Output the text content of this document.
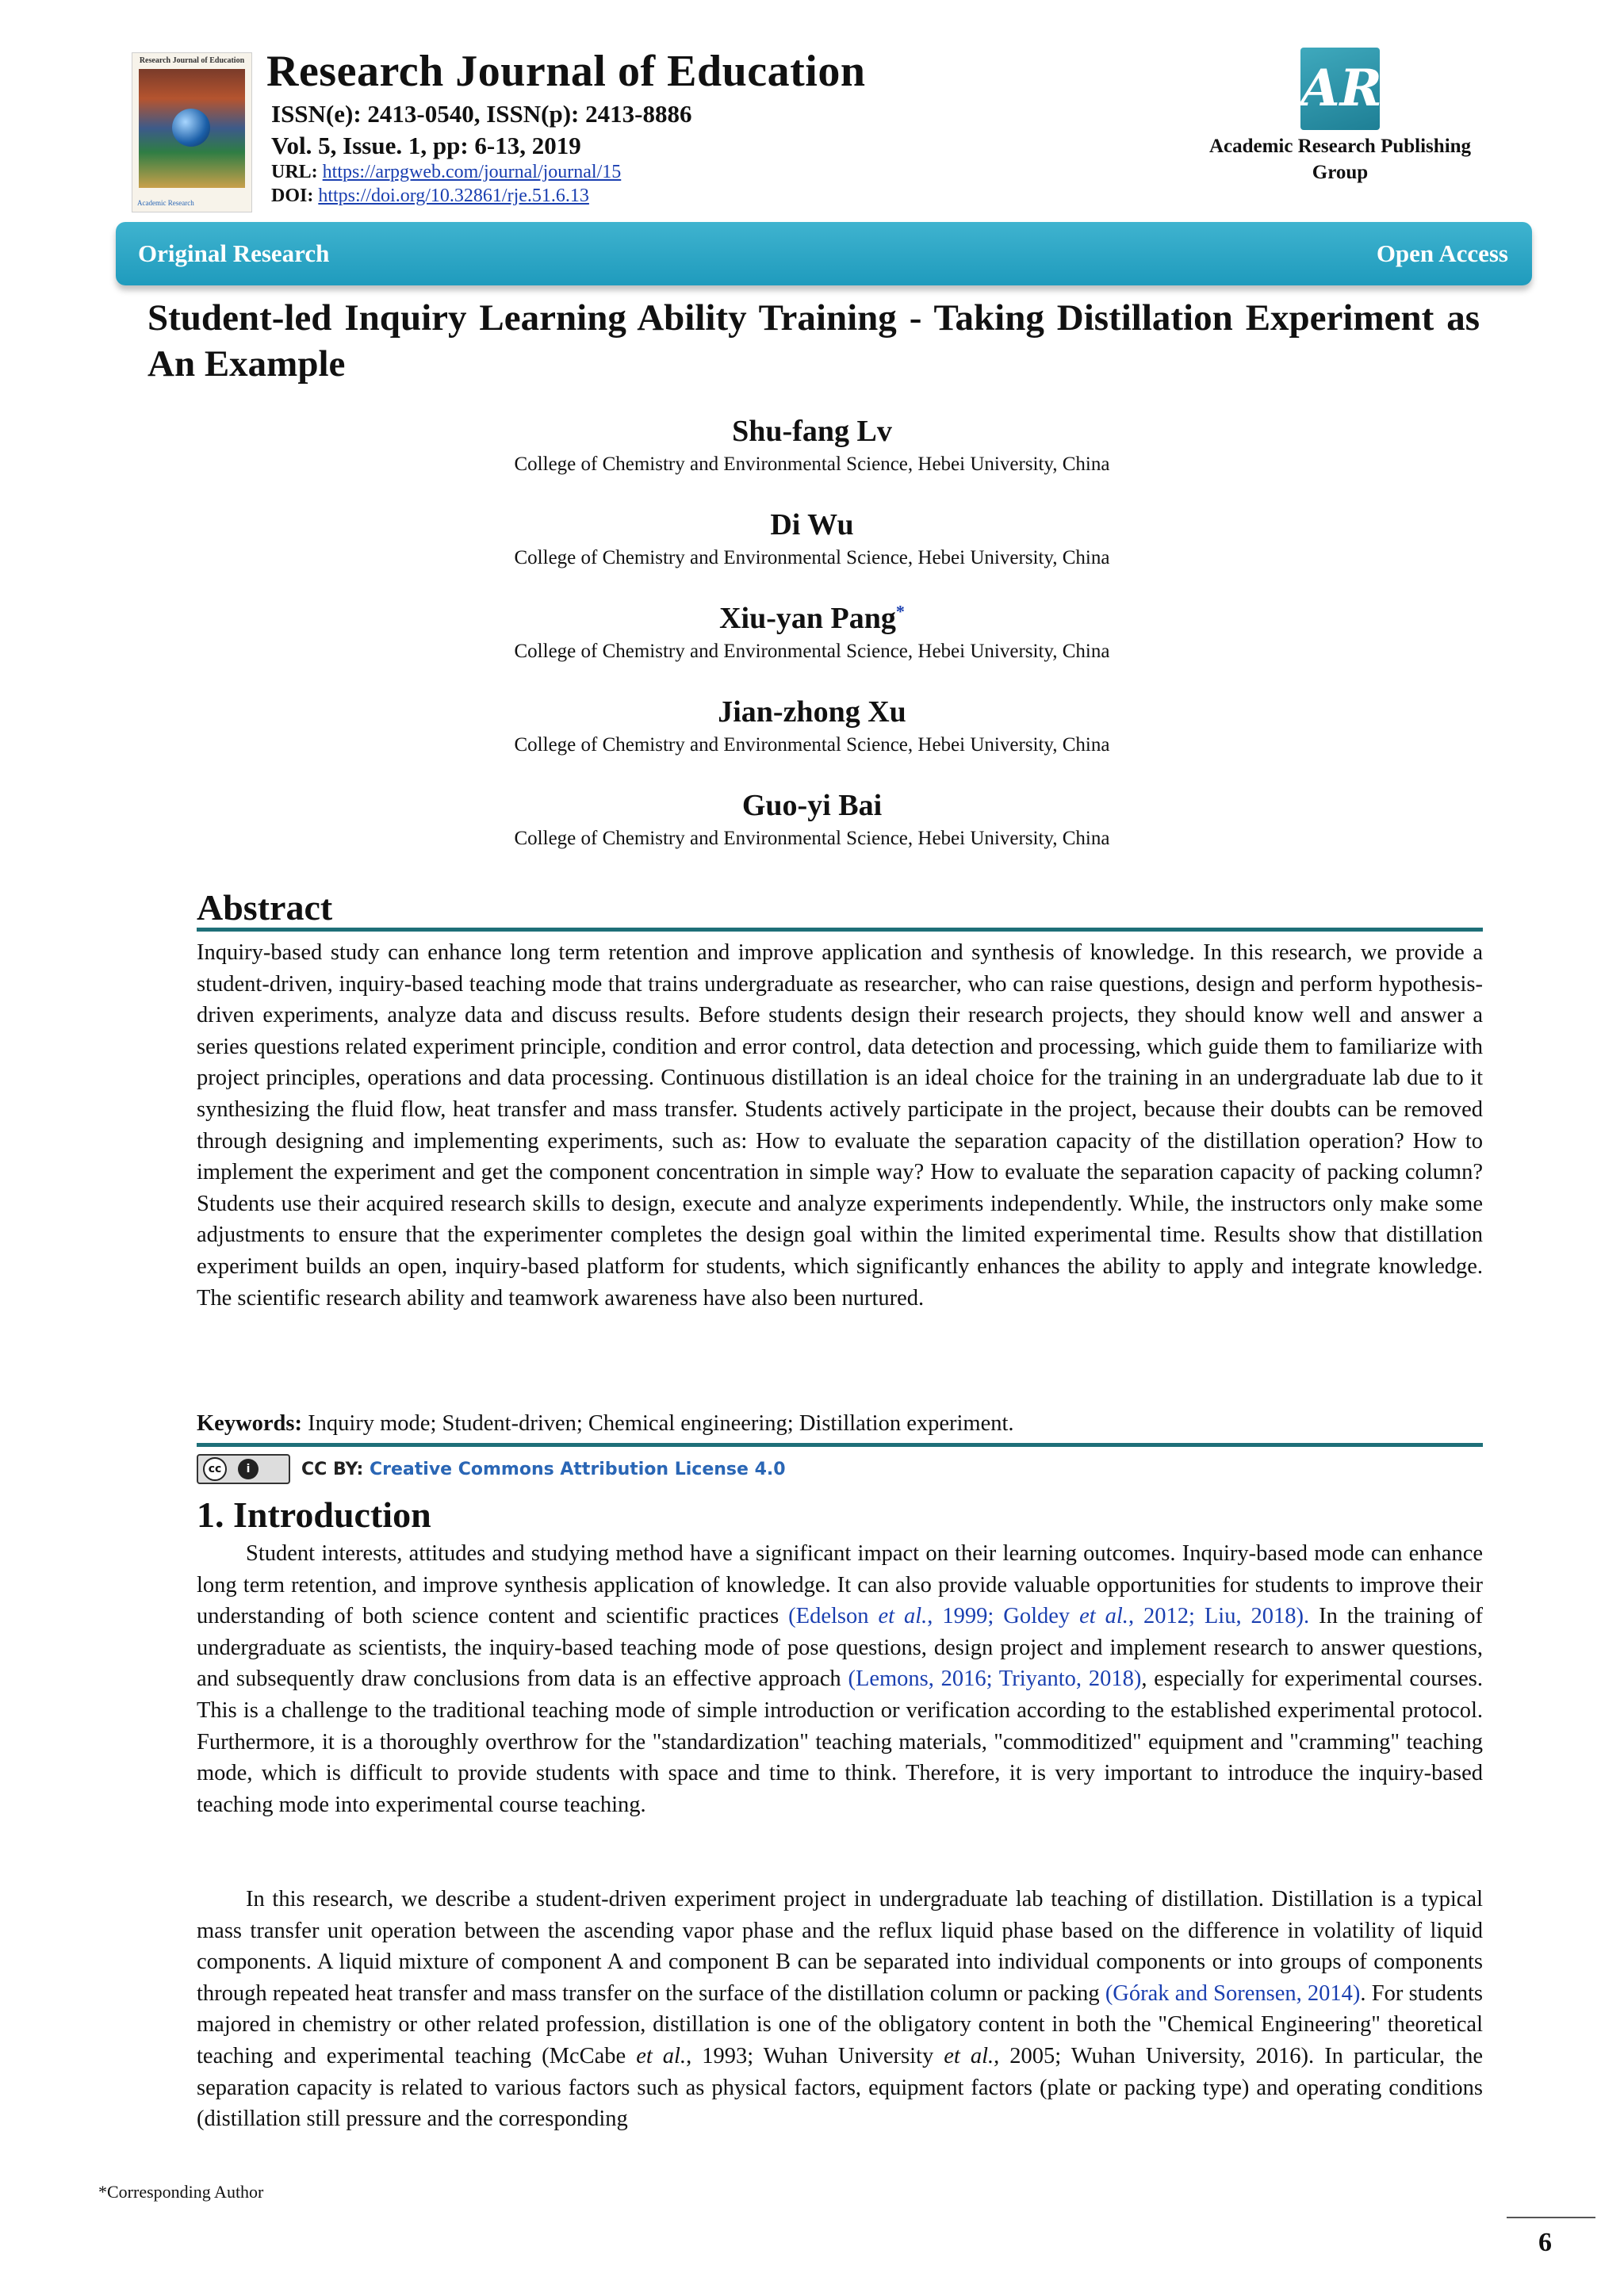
Research Journal of Education
Academic Research
Research Journal of Education
ISSN(e): 2413-0540, ISSN(p): 2413-8886
Vol. 5, Issue. 1, pp: 6-13, 2019
URL: https://arpgweb.com/journal/journal/15
DOI: https://doi.org/10.32861/rje.51.6.13
AR
Academic Research Publishing
Group
Original Research	Open Access
Student-led Inquiry Learning Ability Training - Taking Distillation Experiment as An Example
Shu-fang Lv
College of Chemistry and Environmental Science, Hebei University, China
Di Wu
College of Chemistry and Environmental Science, Hebei University, China
Xiu-yan Pang*
College of Chemistry and Environmental Science, Hebei University, China
Jian-zhong Xu
College of Chemistry and Environmental Science, Hebei University, China
Guo-yi Bai
College of Chemistry and Environmental Science, Hebei University, China
Abstract
Inquiry-based study can enhance long term retention and improve application and synthesis of knowledge. In this research, we provide a student-driven, inquiry-based teaching mode that trains undergraduate as researcher, who can raise questions, design and perform hypothesis-driven experiments, analyze data and discuss results. Before students design their research projects, they should know well and answer a series questions related experiment principle, condition and error control, data detection and processing, which guide them to familiarize with project principles, operations and data processing. Continuous distillation is an ideal choice for the training in an undergraduate lab due to it synthesizing the fluid flow, heat transfer and mass transfer. Students actively participate in the project, because their doubts can be removed through designing and implementing experiments, such as: How to evaluate the separation capacity of the distillation operation? How to implement the experiment and get the component concentration in simple way? How to evaluate the separation capacity of packing column? Students use their acquired research skills to design, execute and analyze experiments independently. While, the instructors only make some adjustments to ensure that the experimenter completes the design goal within the limited experimental time. Results show that distillation experiment builds an open, inquiry-based platform for students, which significantly enhances the ability to apply and integrate knowledge. The scientific research ability and teamwork awareness have also been nurtured.
Keywords: Inquiry mode; Student-driven; Chemical engineering; Distillation experiment.
cc	i	CC BY: Creative Commons Attribution License 4.0
1. Introduction
Student interests, attitudes and studying method have a significant impact on their learning outcomes. Inquiry-based mode can enhance long term retention, and improve synthesis application of knowledge. It can also provide valuable opportunities for students to improve their understanding of both science content and scientific practices (Edelson et al., 1999; Goldey et al., 2012; Liu, 2018). In the training of undergraduate as scientists, the inquiry-based teaching mode of pose questions, design project and implement research to answer questions, and subsequently draw conclusions from data is an effective approach (Lemons, 2016; Triyanto, 2018), especially for experimental courses. This is a challenge to the traditional teaching mode of simple introduction or verification according to the established experimental protocol. Furthermore, it is a thoroughly overthrow for the "standardization" teaching materials, "commoditized" equipment and "cramming" teaching mode, which is difficult to provide students with space and time to think. Therefore, it is very important to introduce the inquiry-based teaching mode into experimental course teaching.
In this research, we describe a student-driven experiment project in undergraduate lab teaching of distillation. Distillation is a typical mass transfer unit operation between the ascending vapor phase and the reflux liquid phase based on the difference in volatility of liquid components. A liquid mixture of component A and component B can be separated into individual components or into groups of components through repeated heat transfer and mass transfer on the surface of the distillation column or packing (Górak and Sorensen, 2014). For students majored in chemistry or other related profession, distillation is one of the obligatory content in both the "Chemical Engineering" theoretical teaching and experimental teaching (McCabe et al., 1993; Wuhan University et al., 2005; Wuhan University, 2016). In particular, the separation capacity is related to various factors such as physical factors, equipment factors (plate or packing type) and operating conditions (distillation still pressure and the corresponding
*Corresponding Author
6
